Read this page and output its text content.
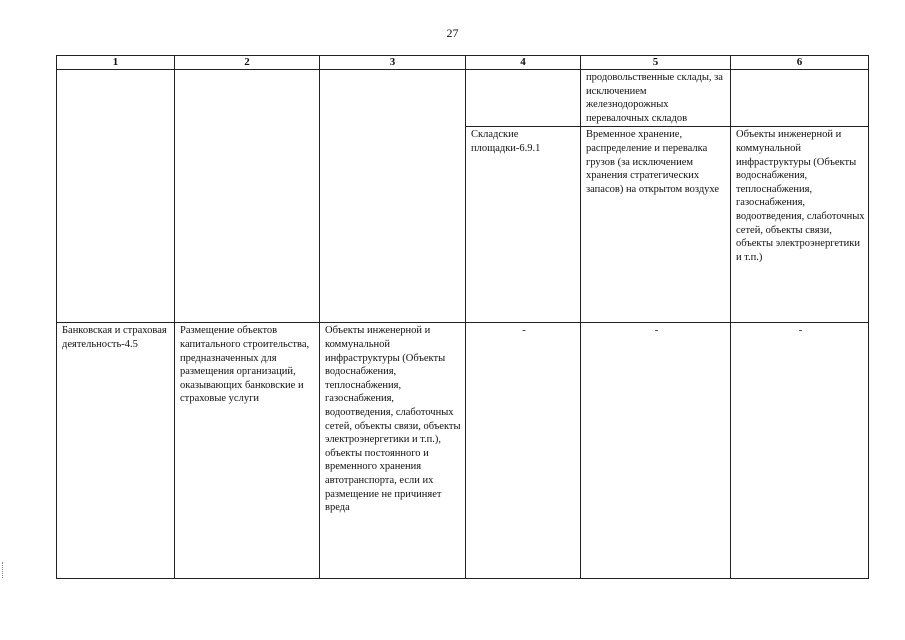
27
1	2	3	4	5	6
				продовольственные склады, за исключением железнодорожных перевалочных складов	
			Складские площадки-6.9.1	Временное хранение, распределение и перевалка грузов (за исключением хранения стратегических запасов) на открытом воздухе	Объекты инженерной и коммунальной инфраструктуры (Объекты водоснабжения, теплоснабжения, газоснабжения, водоотведения, слаботочных сетей, объекты связи, объекты электроэнергетики и т.п.)
Банковская и страховая деятельность-4.5	Размещение объектов капитального строительства, предназначенных для размещения организаций, оказывающих банковские и страховые услуги	Объекты инженерной и коммунальной инфраструктуры (Объекты водоснабжения, теплоснабжения, газоснабжения, водоотведения, слаботочных сетей, объекты связи, объекты электроэнергетики и т.п.), объекты постоянного и временного хранения автотранспорта, если их размещение не причиняет вреда	-	-	-
